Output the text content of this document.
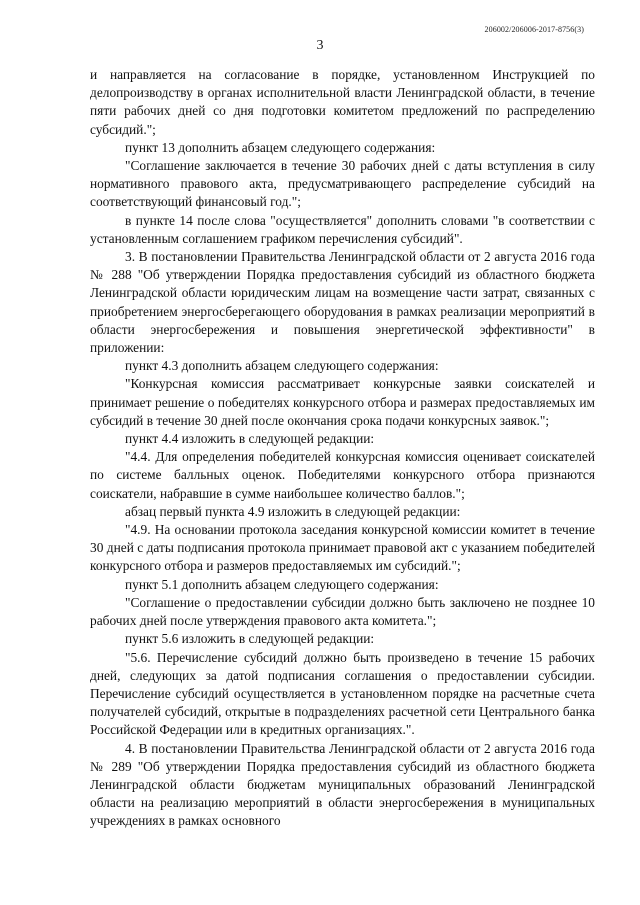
206002/206006-2017-8756(3)
3

и направляется на согласование в порядке, установленном Инструкцией по делопроизводству в органах исполнительной власти Ленинградской области, в течение пяти рабочих дней со дня подготовки комитетом предложений по распределению субсидий.";

пункт 13 дополнить абзацем следующего содержания:

"Соглашение заключается в течение 30 рабочих дней с даты вступления в силу нормативного правового акта, предусматривающего распределение субсидий на соответствующий финансовый год.";

в пункте 14 после слова "осуществляется" дополнить словами "в соответствии с установленным соглашением графиком перечисления субсидий".

3. В постановлении Правительства Ленинградской области от 2 августа 2016 года № 288 "Об утверждении Порядка предоставления субсидий из областного бюджета Ленинградской области юридическим лицам на возмещение части затрат, связанных с приобретением энергосберегающего оборудования в рамках реализации мероприятий в области энергосбережения и повышения энергетической эффективности" в приложении:

пункт 4.3 дополнить абзацем следующего содержания:

"Конкурсная комиссия рассматривает конкурсные заявки соискателей и принимает решение о победителях конкурсного отбора и размерах предоставляемых им субсидий в течение 30 дней после окончания срока подачи конкурсных заявок.";

пункт 4.4 изложить в следующей редакции:

"4.4. Для определения победителей конкурсная комиссия оценивает соискателей по системе балльных оценок. Победителями конкурсного отбора признаются соискатели, набравшие в сумме наибольшее количество баллов.";

абзац первый пункта 4.9 изложить в следующей редакции:

"4.9. На основании протокола заседания конкурсной комиссии комитет в течение 30 дней с даты подписания протокола принимает правовой акт с указанием победителей конкурсного отбора и размеров предоставляемых им субсидий.";

пункт 5.1 дополнить абзацем следующего содержания:

"Соглашение о предоставлении субсидии должно быть заключено не позднее 10 рабочих дней после утверждения правового акта комитета.";

пункт 5.6 изложить в следующей редакции:

"5.6. Перечисление субсидий должно быть произведено в течение 15 рабочих дней, следующих за датой подписания соглашения о предоставлении субсидии. Перечисление субсидий осуществляется в установленном порядке на расчетные счета получателей субсидий, открытые в подразделениях расчетной сети Центрального банка Российской Федерации или в кредитных организациях.".

4. В постановлении Правительства Ленинградской области от 2 августа 2016 года № 289 "Об утверждении Порядка предоставления субсидий из областного бюджета Ленинградской области бюджетам муниципальных образований Ленинградской области на реализацию мероприятий в области энергосбережения в муниципальных учреждениях в рамках основного
